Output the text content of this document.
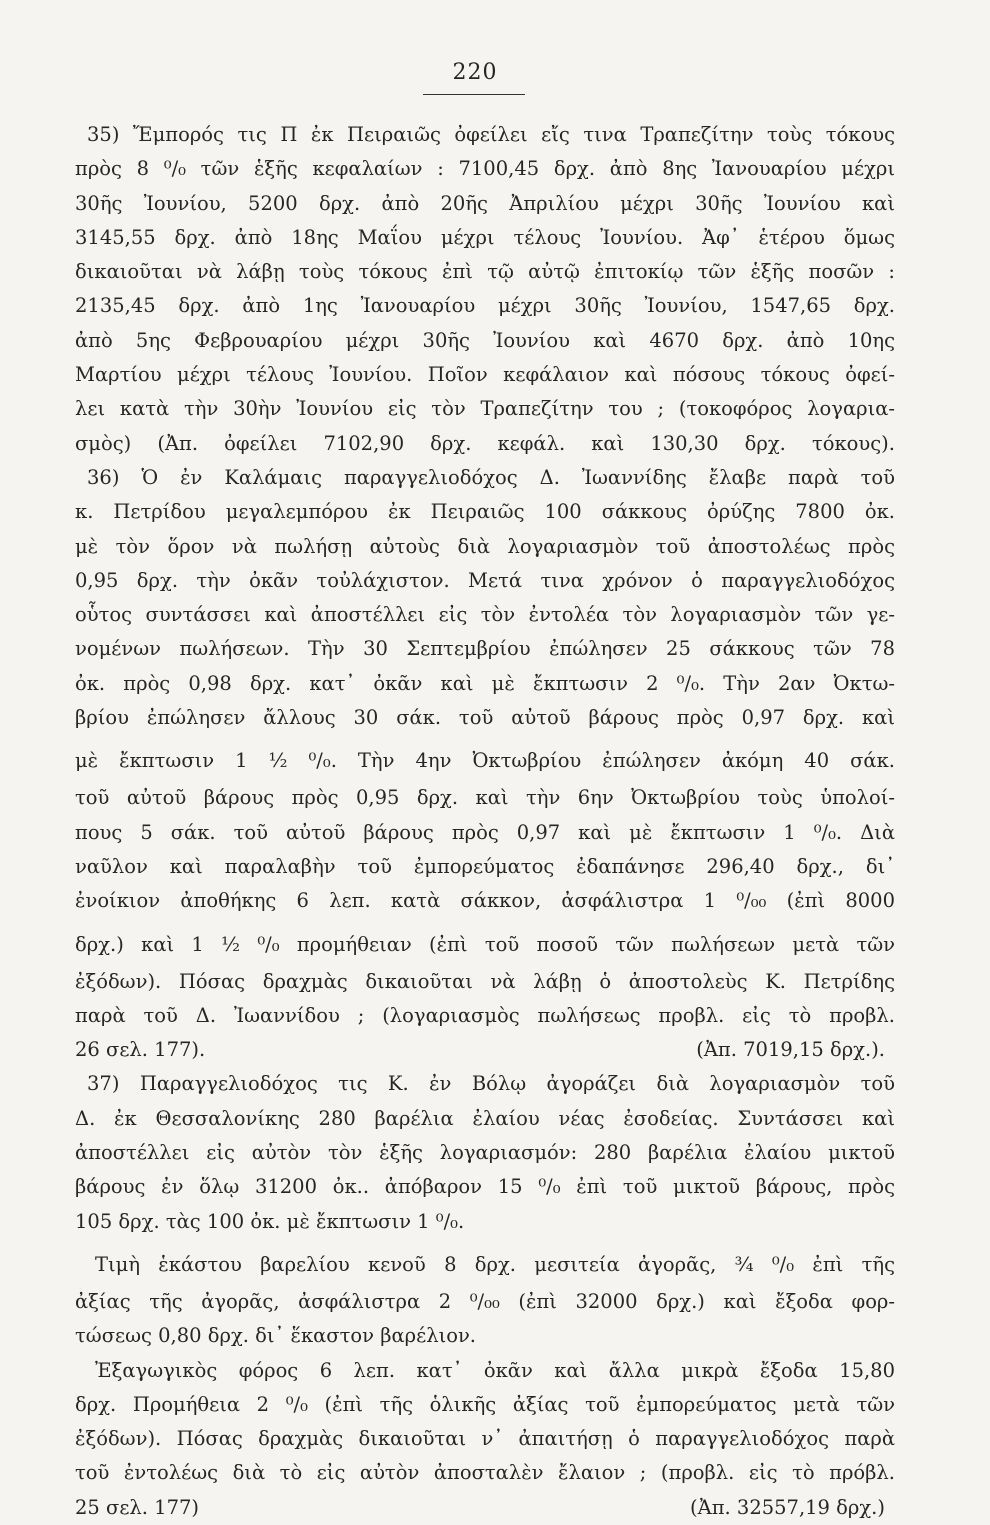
220
35) Ἔμπορός τις Π ἐκ Πειραιῶς ὀφείλει εἴς τινα Τραπεζίτην τοὺς τόκους
πρὸς 8 ⁰/₀ τῶν ἑξῆς κεφαλαίων : 7100,45 δρχ. ἀπὸ 8ης Ἰανουαρίου μέχρι
30ῆς Ἰουνίου, 5200 δρχ. ἀπὸ 20ῆς Ἀπριλίου μέχρι 30ῆς Ἰουνίου καὶ
3145,55 δρχ. ἀπὸ 18ης Μαΐου μέχρι τέλους Ἰουνίου. Ἀφ᾿ ἑτέρου ὅμως
δικαιοῦται νὰ λάβῃ τοὺς τόκους ἐπὶ τῷ αὐτῷ ἐπιτοκίῳ τῶν ἑξῆς ποσῶν :
2135,45 δρχ. ἀπὸ 1ης Ἰανουαρίου μέχρι 30ῆς Ἰουνίου, 1547,65 δρχ.
ἀπὸ 5ης Φεβρουαρίου μέχρι 30ῆς Ἰουνίου καὶ 4670 δρχ. ἀπὸ 10ης
Μαρτίου μέχρι τέλους Ἰουνίου. Ποῖον κεφάλαιον καὶ πόσους τόκους ὀφεί-
λει κατὰ τὴν 30ὴν Ἰουνίου εἰς τὸν Τραπεζίτην του ; (τοκοφόρος λογαρια-
σμὸς) (Ἀπ. ὀφείλει 7102,90 δρχ. κεφάλ. καὶ 130,30 δρχ. τόκους).
36) Ὁ ἐν Καλάμαις παραγγελιοδόχος Δ. Ἰωαννίδης ἔλαβε παρὰ τοῦ
κ. Πετρίδου μεγαλεμπόρου ἐκ Πειραιῶς 100 σάκκους ὀρύζης 7800 ὀκ.
μὲ τὸν ὅρον νὰ πωλήσῃ αὐτοὺς διὰ λογαριασμὸν τοῦ ἀποστολέως πρὸς
0,95 δρχ. τὴν ὀκᾶν τοὐλάχιστον. Μετά τινα χρόνον ὁ παραγγελιοδόχος
οὗτος συντάσσει καὶ ἀποστέλλει εἰς τὸν ἐντολέα τὸν λογαριασμὸν τῶν γε-
νομένων πωλήσεων. Τὴν 30 Σεπτεμβρίου ἐπώλησεν 25 σάκκους τῶν 78
ὀκ. πρὸς 0,98 δρχ. κατ᾿ ὀκᾶν καὶ μὲ ἔκπτωσιν 2 ⁰/₀. Τὴν 2αν Ὀκτω-
βρίου ἐπώλησεν ἄλλους 30 σάκ. τοῦ αὐτοῦ βάρους πρὸς 0,97 δρχ. καὶ
μὲ ἔκπτωσιν 1 ½ ⁰/₀. Τὴν 4ην Ὀκτωβρίου ἐπώλησεν ἀκόμη 40 σάκ.
τοῦ αὐτοῦ βάρους πρὸς 0,95 δρχ. καὶ τὴν 6ην Ὀκτωβρίου τοὺς ὑπολοί-
πους 5 σάκ. τοῦ αὐτοῦ βάρους πρὸς 0,97 καὶ μὲ ἔκπτωσιν 1 ⁰/₀. Διὰ
ναῦλον καὶ παραλαβὴν τοῦ ἐμπορεύματος ἐδαπάνησε 296,40 δρχ., δι᾿
ἐνοίκιον ἀποθήκης 6 λεπ. κατὰ σάκκον, ἀσφάλιστρα 1 ⁰/₀₀ (ἐπὶ 8000
δρχ.) καὶ 1 ½ ⁰/₀ προμήθειαν (ἐπὶ τοῦ ποσοῦ τῶν πωλήσεων μετὰ τῶν
ἐξόδων). Πόσας δραχμὰς δικαιοῦται νὰ λάβῃ ὁ ἀποστολεὺς Κ. Πετρίδης
παρὰ τοῦ Δ. Ἰωαννίδου ; (λογαριασμὸς πωλήσεως προβλ. εἰς τὸ προβλ.
26 σελ. 177).	(Ἀπ. 7019,15 δρχ.).
37) Παραγγελιοδόχος τις Κ. ἐν Βόλῳ ἀγοράζει διὰ λογαριασμὸν τοῦ
Δ. ἐκ Θεσσαλονίκης 280 βαρέλια ἐλαίου νέας ἐσοδείας. Συντάσσει καὶ
ἀποστέλλει εἰς αὐτὸν τὸν ἑξῆς λογαριασμόν: 280 βαρέλια ἐλαίου μικτοῦ
βάρους ἐν ὅλῳ 31200 ὀκ.. ἀπόβαρον 15 ⁰/₀ ἐπὶ τοῦ μικτοῦ βάρους, πρὸς
105 δρχ. τὰς 100 ὀκ. μὲ ἔκπτωσιν 1 ⁰/₀.
Τιμὴ ἑκάστου βαρελίου κενοῦ 8 δρχ. μεσιτεία ἀγορᾶς, ¾ ⁰/₀ ἐπὶ τῆς
ἀξίας τῆς ἀγορᾶς, ἀσφάλιστρα 2 ⁰/₀₀ (ἐπὶ 32000 δρχ.) καὶ ἔξοδα φορ-
τώσεως 0,80 δρχ. δι᾿ ἕκαστον βαρέλιον.
Ἐξαγωγικὸς φόρος 6 λεπ. κατ᾿ ὀκᾶν καὶ ἄλλα μικρὰ ἔξοδα 15,80
δρχ. Προμήθεια 2 ⁰/₀ (ἐπὶ τῆς ὁλικῆς ἀξίας τοῦ ἐμπορεύματος μετὰ τῶν
ἐξόδων). Πόσας δραχμὰς δικαιοῦται ν᾿ ἀπαιτήσῃ ὁ παραγγελιοδόχος παρὰ
τοῦ ἐντολέως διὰ τὸ εἰς αὐτὸν ἀποσταλὲν ἔλαιον ; (προβλ. εἰς τὸ πρόβλ.
25 σελ. 177)	(Ἀπ. 32557,19 δρχ.)
